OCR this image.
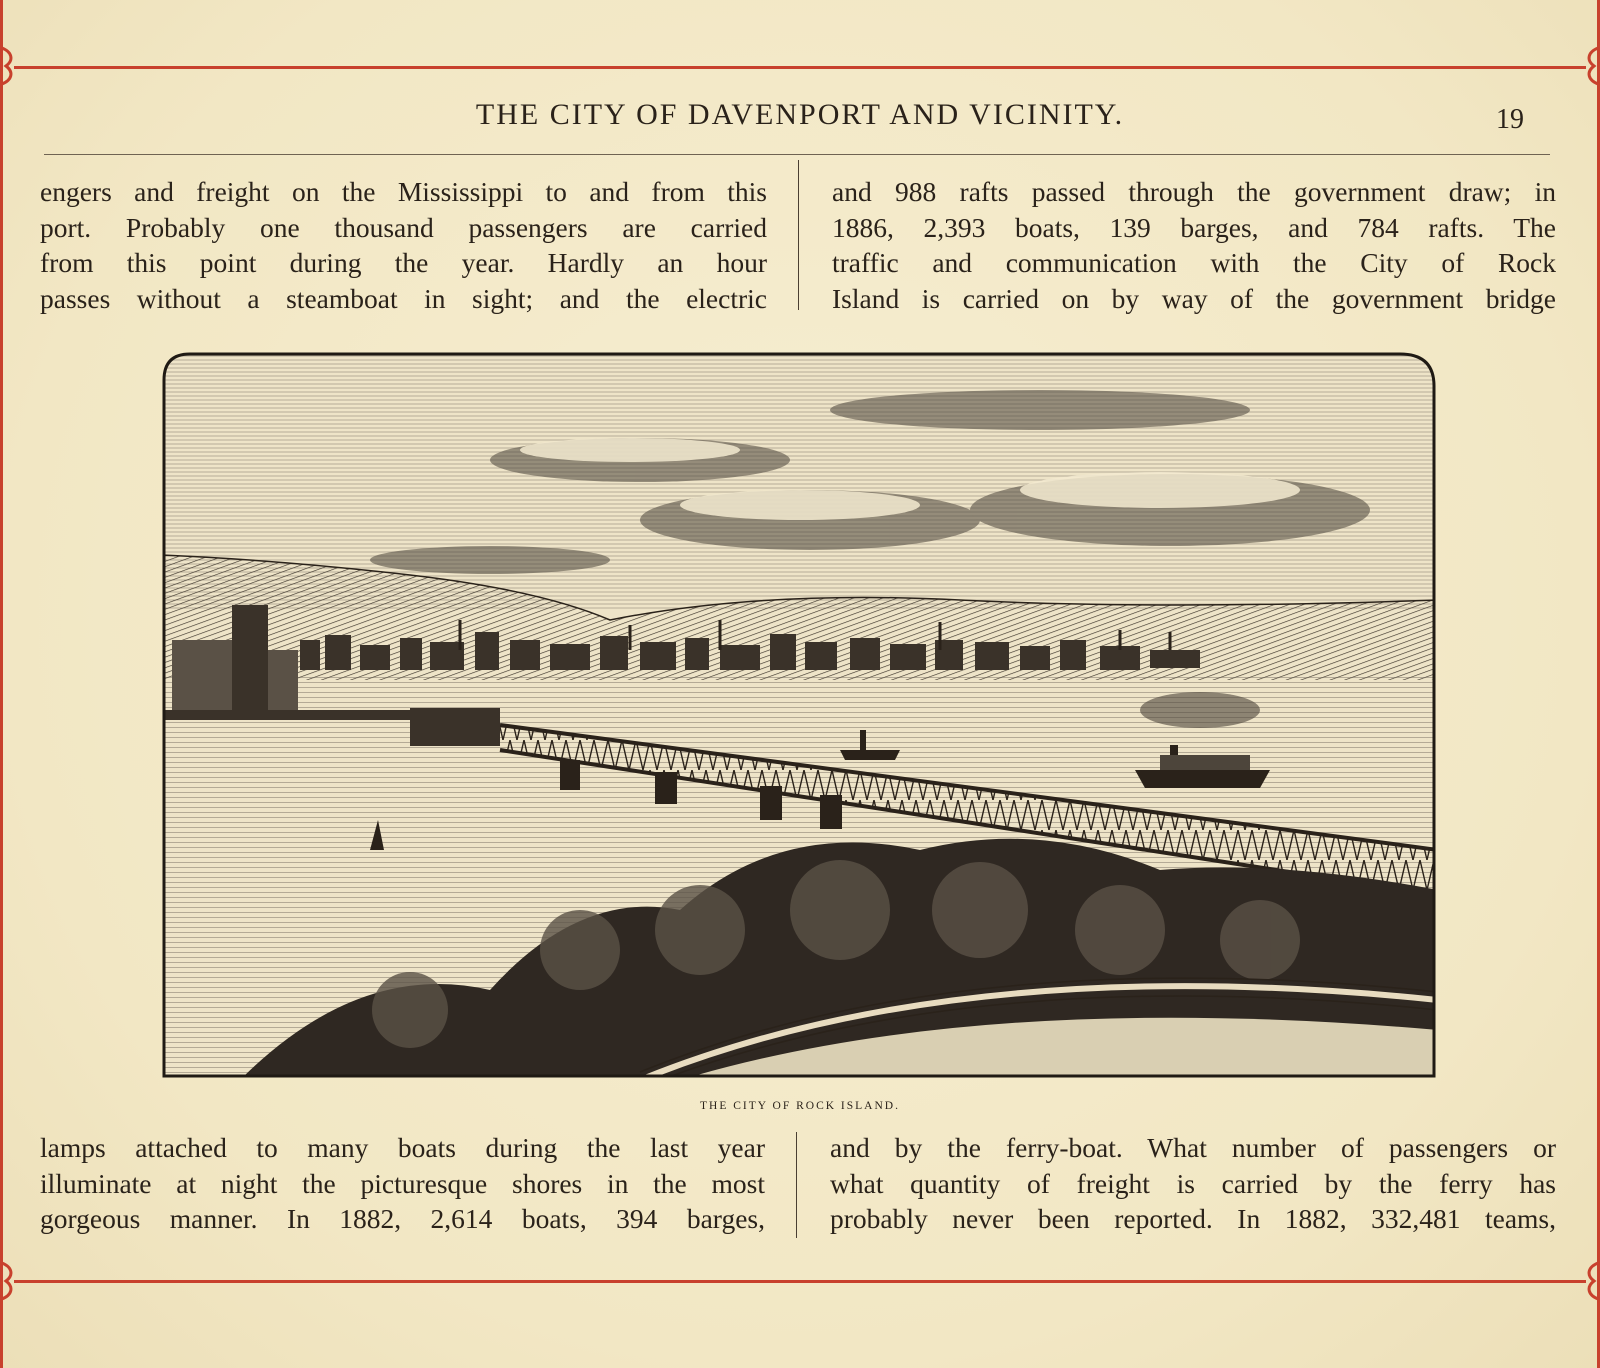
THE CITY OF DAVENPORT AND VICINITY.	19
engers and freight on the Mississippi to and from this
port. Probably one thousand passengers are carried
from this point during the year. Hardly an hour
passes without a steamboat in sight; and the electric
and 988 rafts passed through the government draw; in
1886, 2,393 boats, 139 barges, and 784 rafts. The
traffic and communication with the City of Rock
Island is carried on by way of the government bridge
THE CITY OF ROCK ISLAND.
lamps attached to many boats during the last year
illuminate at night the picturesque shores in the most
gorgeous manner. In 1882, 2,614 boats, 394 barges,
and by the ferry-boat. What number of passengers or
what quantity of freight is carried by the ferry has
probably never been reported. In 1882, 332,481 teams,
